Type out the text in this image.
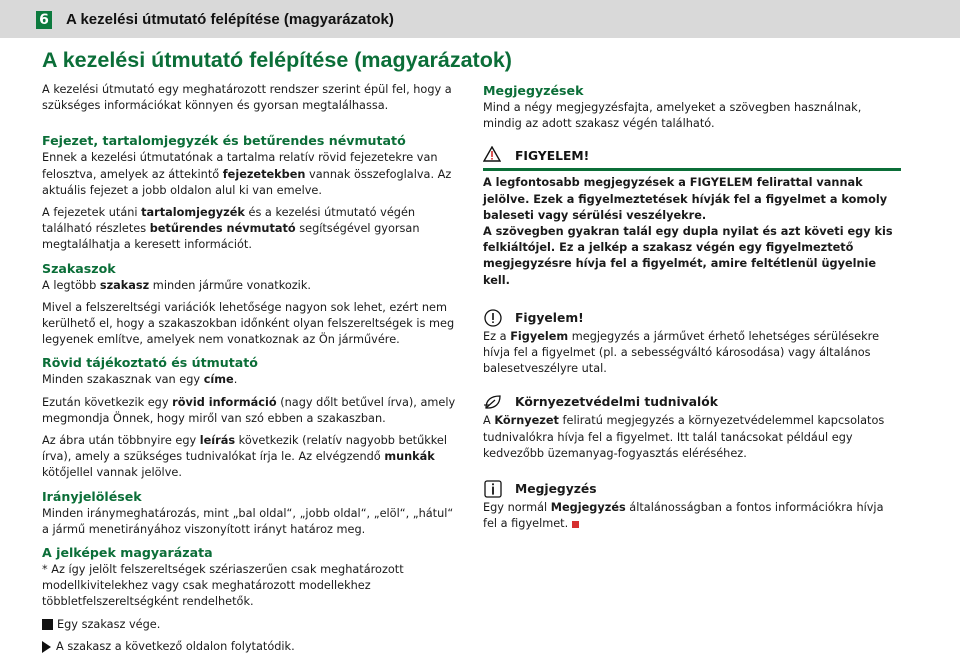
6 A kezelési útmutató felépítése (magyarázatok)
A kezelési útmutató felépítése (magyarázatok)

A kezelési útmutató egy meghatározott rendszer szerint épül fel, hogy a szükséges információkat könnyen és gyorsan megtalálhassa.

Fejezet, tartalomjegyzék és betűrendes névmutató

Ennek a kezelési útmutatónak a tartalma relatív rövid fejezetekre van felosztva, amelyek az áttekintő fejezetekben vannak összefoglalva. Az aktuális fejezet a jobb oldalon alul ki van emelve.

A fejezetek utáni tartalomjegyzék és a kezelési útmutató végén található részletes betűrendes névmutató segítségével gyorsan megtalálhatja a keresett információt.

Szakaszok

A legtöbb szakasz minden járműre vonatkozik.

Mivel a felszereltségi variációk lehetősége nagyon sok lehet, ezért nem kerülhető el, hogy a szakaszokban időnként olyan felszereltségek is meg legyenek említve, amelyek nem vonatkoznak az Ön járművére.

Rövid tájékoztató és útmutató

Minden szakasznak van egy címe.

Ezután következik egy rövid információ (nagy dőlt betűvel írva), amely megmondja Önnek, hogy miről van szó ebben a szakaszban.

Az ábra után többnyire egy leírás következik (relatív nagyobb betűkkel írva), amely a szükséges tudnivalókat írja le. Az elvégzendő munkák kötőjellel vannak jelölve.

Irányjelölések

Minden iránymeghatározás, mint „bal oldal“, „jobb oldal“, „elöl“, „hátul“ a jármű menetirányához viszonyított irányt határoz meg.

A jelképek magyarázata

* Az így jelölt felszereltségek szériaszerűen csak meghatározott modellkivitelekhez vagy csak meghatározott modellekhez többletfelszereltségként rendelhetők.

Egy szakasz vége.
A szakasz a következő oldalon folytatódik.

Megjegyzések

Mind a négy megjegyzésfajta, amelyeket a szövegben használnak, mindig az adott szakasz végén található.

FIGYELEM!

A legfontosabb megjegyzések a FIGYELEM felirattal vannak jelölve. Ezek a figyelmeztetések hívják fel a figyelmet a komoly baleseti vagy sérülési veszélyekre.

A szövegben gyakran talál egy dupla nyilat és azt követi egy kis felkiáltójel. Ez a jelkép a szakasz végén egy figyelmeztető megjegyzésre hívja fel a figyelmét, amire feltétlenül ügyelnie kell.

Figyelem!

Ez a Figyelem megjegyzés a járművet érhető lehetséges sérülésekre hívja fel a figyelmet (pl. a sebességváltó károsodása) vagy általános balesetveszélyre utal.

Környezetvédelmi tudnivalók

A Környezet feliratú megjegyzés a környezetvédelemmel kapcsolatos tudnivalókra hívja fel a figyelmet. Itt talál tanácsokat például egy kedvezőbb üzemanyag-fogyasztás eléréséhez.

Megjegyzés

Egy normál Megjegyzés általánosságban a fontos információkra hívja fel a figyelmet.
